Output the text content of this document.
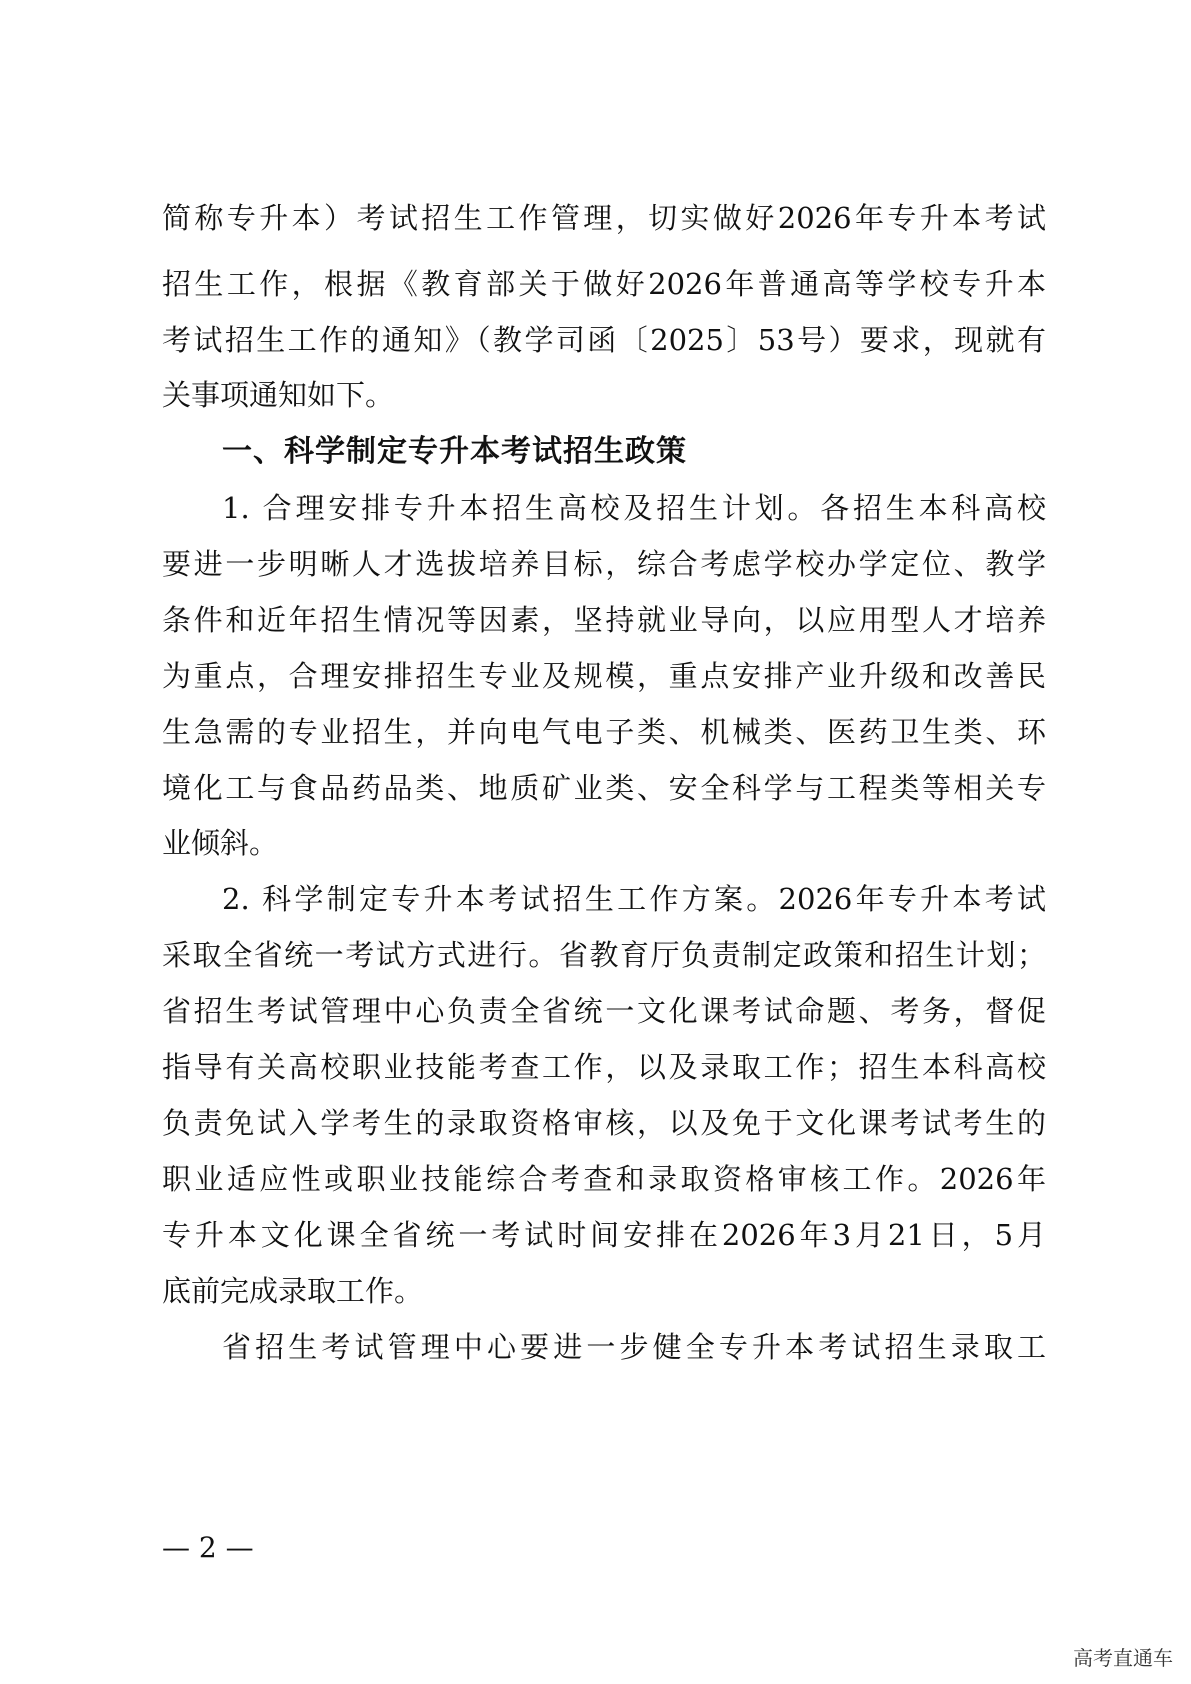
简称专升本）考试招生工作管理，切实做好2026年专升本考试
招生工作，根据《教育部关于做好2026年普通高等学校专升本
考试招生工作的通知》（教学司函〔2025〕53号）要求，现就有
关事项通知如下。
一、科学制定专升本考试招生政策
1. 合理安排专升本招生高校及招生计划。各招生本科高校
要进一步明晰人才选拔培养目标，综合考虑学校办学定位、教学
条件和近年招生情况等因素，坚持就业导向，以应用型人才培养
为重点，合理安排招生专业及规模，重点安排产业升级和改善民
生急需的专业招生，并向电气电子类、机械类、医药卫生类、环
境化工与食品药品类、地质矿业类、安全科学与工程类等相关专
业倾斜。
2. 科学制定专升本考试招生工作方案。2026年专升本考试
采取全省统一考试方式进行。省教育厅负责制定政策和招生计划；
省招生考试管理中心负责全省统一文化课考试命题、考务，督促
指导有关高校职业技能考查工作，以及录取工作；招生本科高校
负责免试入学考生的录取资格审核，以及免于文化课考试考生的
职业适应性或职业技能综合考查和录取资格审核工作。2026年
专升本文化课全省统一考试时间安排在2026年3月21日，5月
底前完成录取工作。
省招生考试管理中心要进一步健全专升本考试招生录取工
— 2 —
高考直通车
